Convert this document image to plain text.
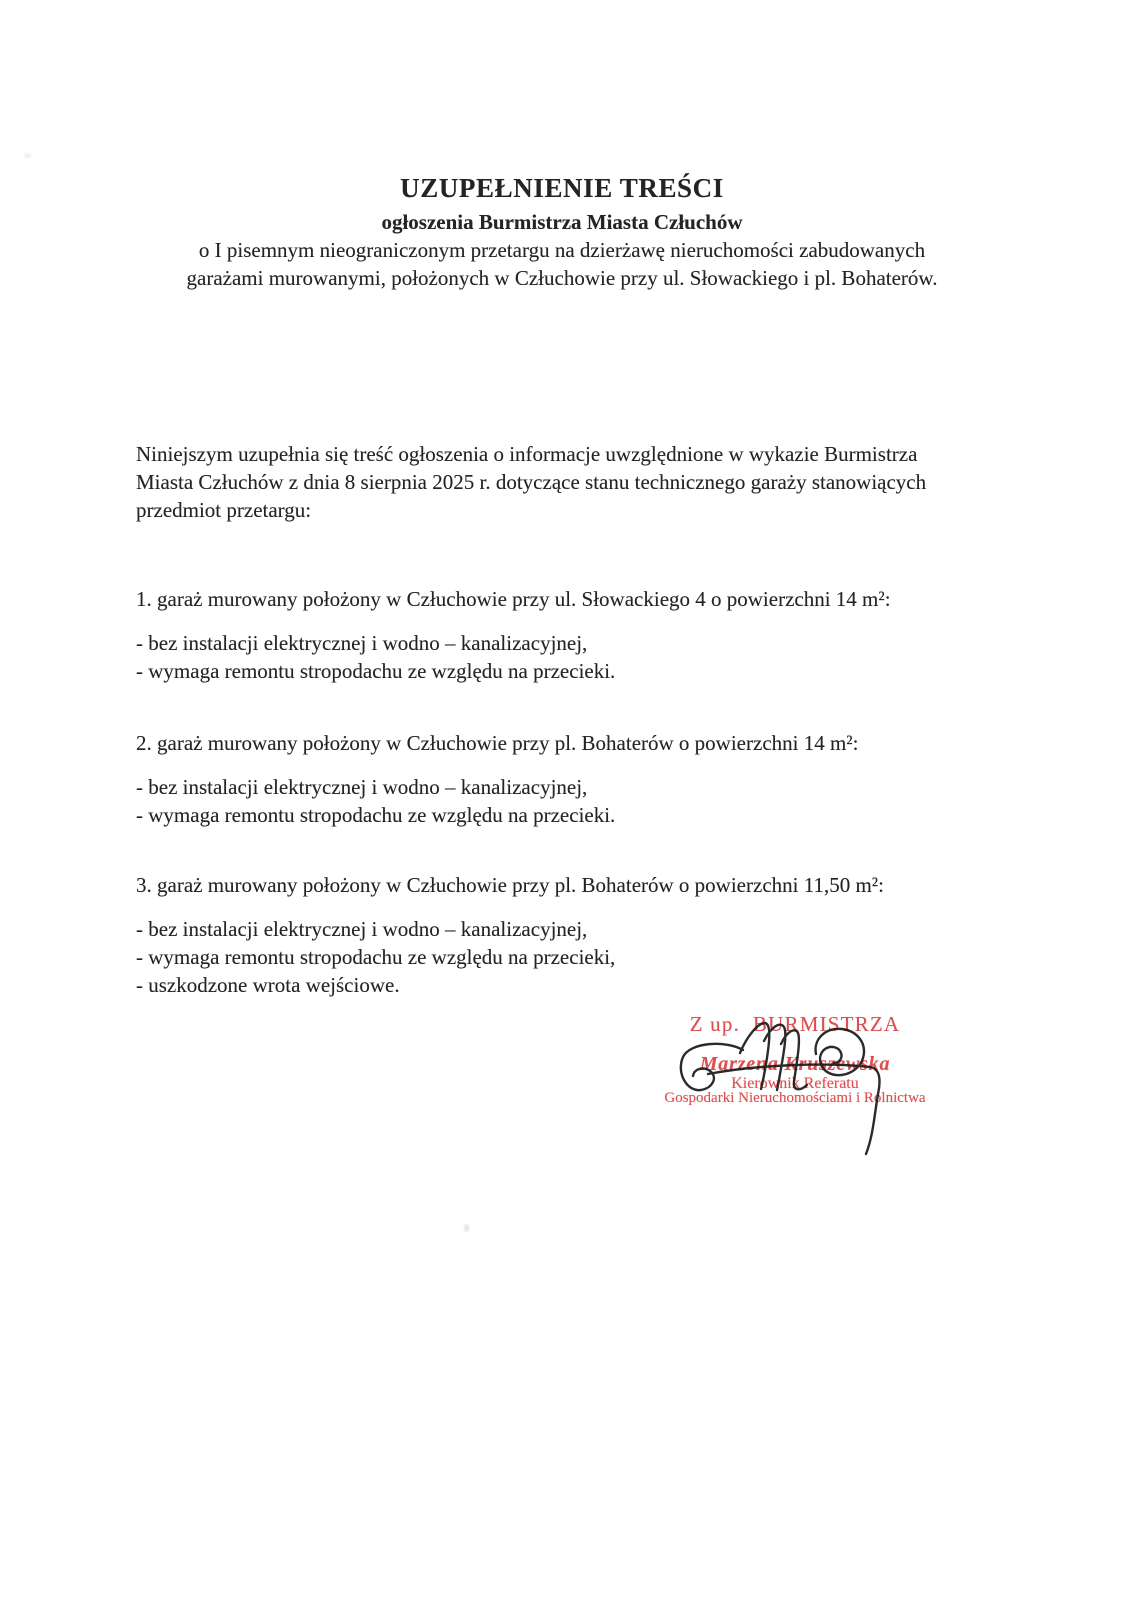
UZUPEŁNIENIE TREŚCI
ogłoszenia Burmistrza Miasta Człuchów
o I pisemnym nieograniczonym przetargu na dzierżawę nieruchomości zabudowanych
garażami murowanymi, położonych w Człuchowie przy ul. Słowackiego i pl. Bohaterów.
Niniejszym uzupełnia się treść ogłoszenia o informacje uwzględnione w wykazie Burmistrza
Miasta Człuchów z dnia 8 sierpnia 2025 r. dotyczące stanu technicznego garaży stanowiących
przedmiot przetargu:
1. garaż murowany położony w Człuchowie przy ul. Słowackiego 4 o powierzchni 14 m²:
- bez instalacji elektrycznej i wodno – kanalizacyjnej,
- wymaga remontu stropodachu ze względu na przecieki.
2. garaż murowany położony w Człuchowie przy pl. Bohaterów o powierzchni 14 m²:
- bez instalacji elektrycznej i wodno – kanalizacyjnej,
- wymaga remontu stropodachu ze względu na przecieki.
3. garaż murowany położony w Człuchowie przy pl. Bohaterów o powierzchni 11,50 m²:
- bez instalacji elektrycznej i wodno – kanalizacyjnej,
- wymaga remontu stropodachu ze względu na przecieki,
- uszkodzone wrota wejściowe.
Z up.  BURMISTRZA
Marzena Kruszewska
Kierownik Referatu
Gospodarki Nieruchomościami i Rolnictwa
